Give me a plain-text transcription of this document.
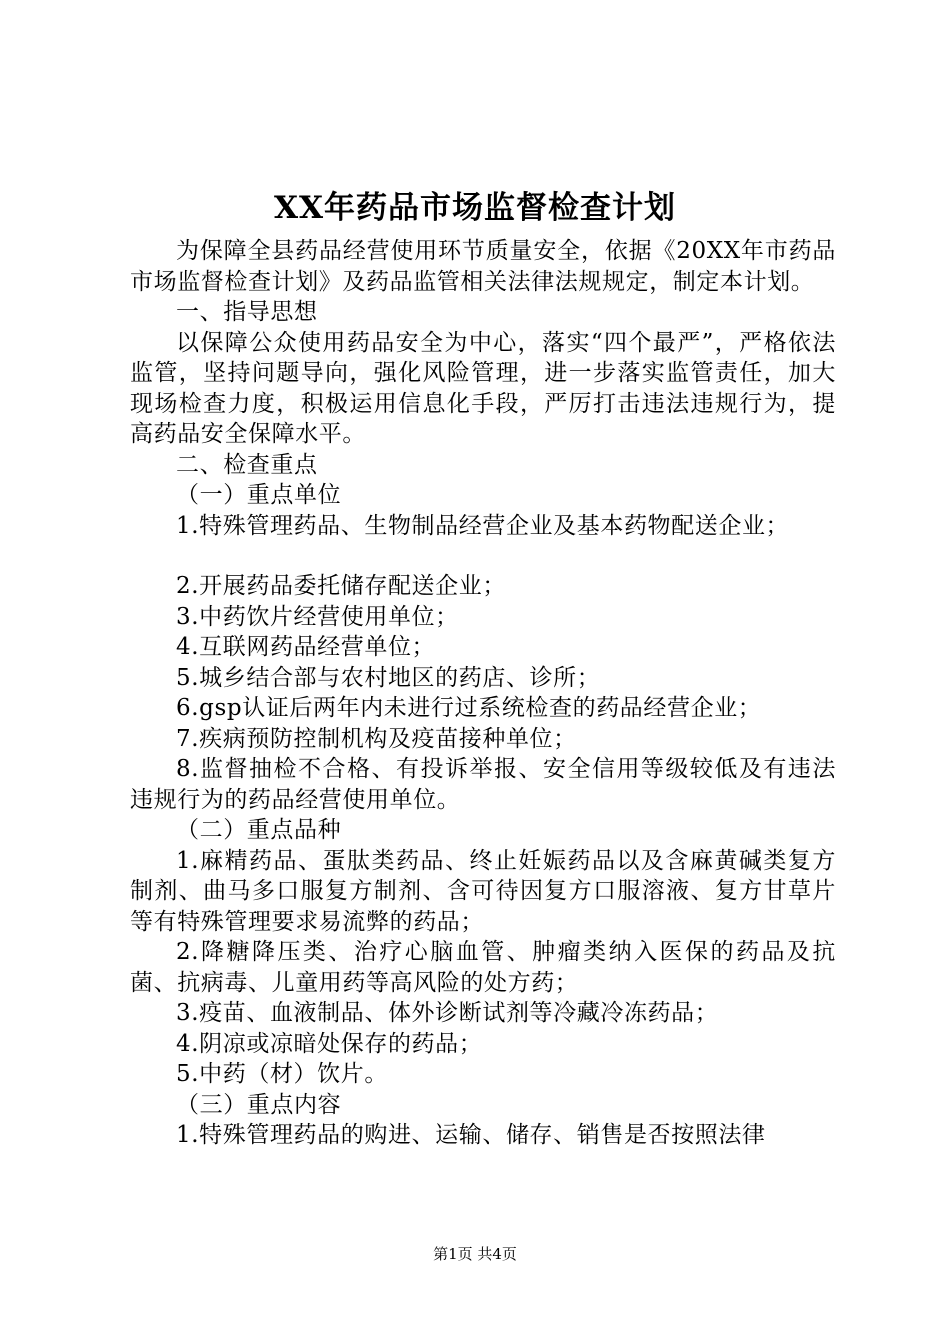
XX年药品市场监督检查计划

为保障全县药品经营使用环节质量安全，依据《20XX年市药品市场监督检查计划》及药品监管相关法律法规规定，制定本计划。

一、指导思想

以保障公众使用药品安全为中心，落实“四个最严”，严格依法监管，坚持问题导向，强化风险管理，进一步落实监管责任，加大现场检查力度，积极运用信息化手段，严厉打击违法违规行为，提高药品安全保障水平。

二、检查重点

（一）重点单位

1.特殊管理药品、生物制品经营企业及基本药物配送企业；

2.开展药品委托储存配送企业；

3.中药饮片经营使用单位；

4.互联网药品经营单位；

5.城乡结合部与农村地区的药店、诊所；

6.gsp认证后两年内未进行过系统检查的药品经营企业；

7.疾病预防控制机构及疫苗接种单位；

8.监督抽检不合格、有投诉举报、安全信用等级较低及有违法违规行为的药品经营使用单位。

（二）重点品种

1.麻精药品、蛋肽类药品、终止妊娠药品以及含麻黄碱类复方制剂、曲马多口服复方制剂、含可待因复方口服溶液、复方甘草片等有特殊管理要求易流弊的药品；

2.降糖降压类、治疗心脑血管、肿瘤类纳入医保的药品及抗菌、抗病毒、儿童用药等高风险的处方药；

3.疫苗、血液制品、体外诊断试剂等冷藏冷冻药品；

4.阴凉或凉暗处保存的药品；

5.中药（材）饮片。

（三）重点内容

1.特殊管理药品的购进、运输、储存、销售是否按照法律

第1页 共4页
